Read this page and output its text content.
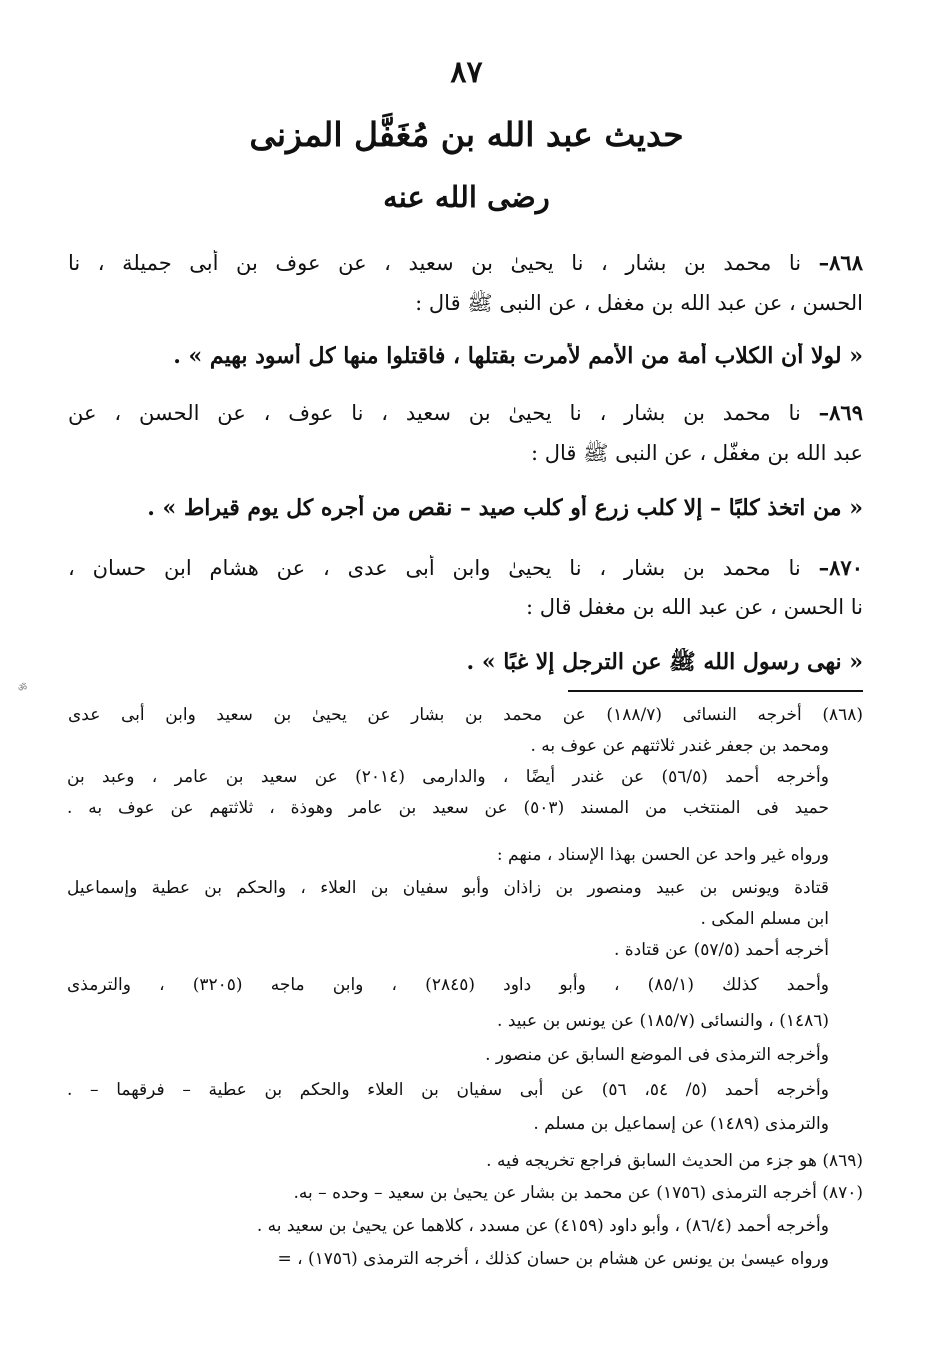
٨٧
حديث عبد الله بن مُغَفَّل المزنى
رضى الله عنه
٨٦٨– نا محمد بن بشار ، نا يحيىٰ بن سعيد ، عن عوف بن أبى جميلة ، نا
الحسن ، عن عبد الله بن مغفل ، عن النبى ﷺ قال :
« لولا أن الكلاب أمة من الأمم لأمرت بقتلها ، فاقتلوا منها كل أسود بهيم » .
٨٦٩– نا محمد بن بشار ، نا يحيىٰ بن سعيد ، نا عوف ، عن الحسن ، عن
عبد الله بن مغفّل ، عن النبى ﷺ قال :
« من اتخذ كلبًا – إلا كلب زرع أو كلب صيد – نقص من أجره كل يوم قيراط » .
٨٧٠– نا محمد بن بشار ، نا يحيىٰ وابن أبى عدى ، عن هشام ابن حسان ،
نا الحسن ، عن عبد الله بن مغفل قال :
« نهى رسول الله ﷺ عن الترجل إلا غبًا » .
ॐ
(٨٦٨) أخرجه النسائى (١٨٨/٧) عن محمد بن بشار عن يحيىٰ بن سعيد وابن أبى عدى
ومحمد بن جعفر غندر ثلاثتهم عن عوف به .
وأخرجه أحمد (٥٦/٥) عن غندر أيضًا ، والدارمى (٢٠١٤) عن سعيد بن عامر ، وعبد بن
حميد فى المنتخب من المسند (٥٠٣) عن سعيد بن عامر وهوذة ، ثلاثتهم عن عوف به .
ورواه غير واحد عن الحسن بهذا الإسناد ، منهم :
قتادة ويونس بن عبيد ومنصور بن زاذان وأبو سفيان بن العلاء ، والحكم بن عطية وإسماعيل
ابن مسلم المكى .
أخرجه أحمد (٥٧/٥) عن قتادة .
وأحمد كذلك (٨٥/١) ، وأبو داود (٢٨٤٥) ، وابن ماجه (٣٢٠٥) ، والترمذى
(١٤٨٦) ، والنسائى (١٨٥/٧) عن يونس بن عبيد .
وأخرجه الترمذى فى الموضع السابق عن منصور .
وأخرجه أحمد (٥/ ٥٤، ٥٦) عن أبى سفيان بن العلاء والحكم بن عطية – فرقهما – .
والترمذى (١٤٨٩) عن إسماعيل بن مسلم .
(٨٦٩) هو جزء من الحديث السابق فراجع تخريجه فيه .
(٨٧٠) أخرجه الترمذى (١٧٥٦) عن محمد بن بشار عن يحيىٰ بن سعيد – وحده – به.
وأخرجه أحمد (٨٦/٤) ، وأبو داود (٤١٥٩) عن مسدد ، كلاهما عن يحيىٰ بن سعيد به .
ورواه عيسىٰ بن يونس عن هشام بن حسان كذلك ، أخرجه الترمذى (١٧٥٦) ، =
